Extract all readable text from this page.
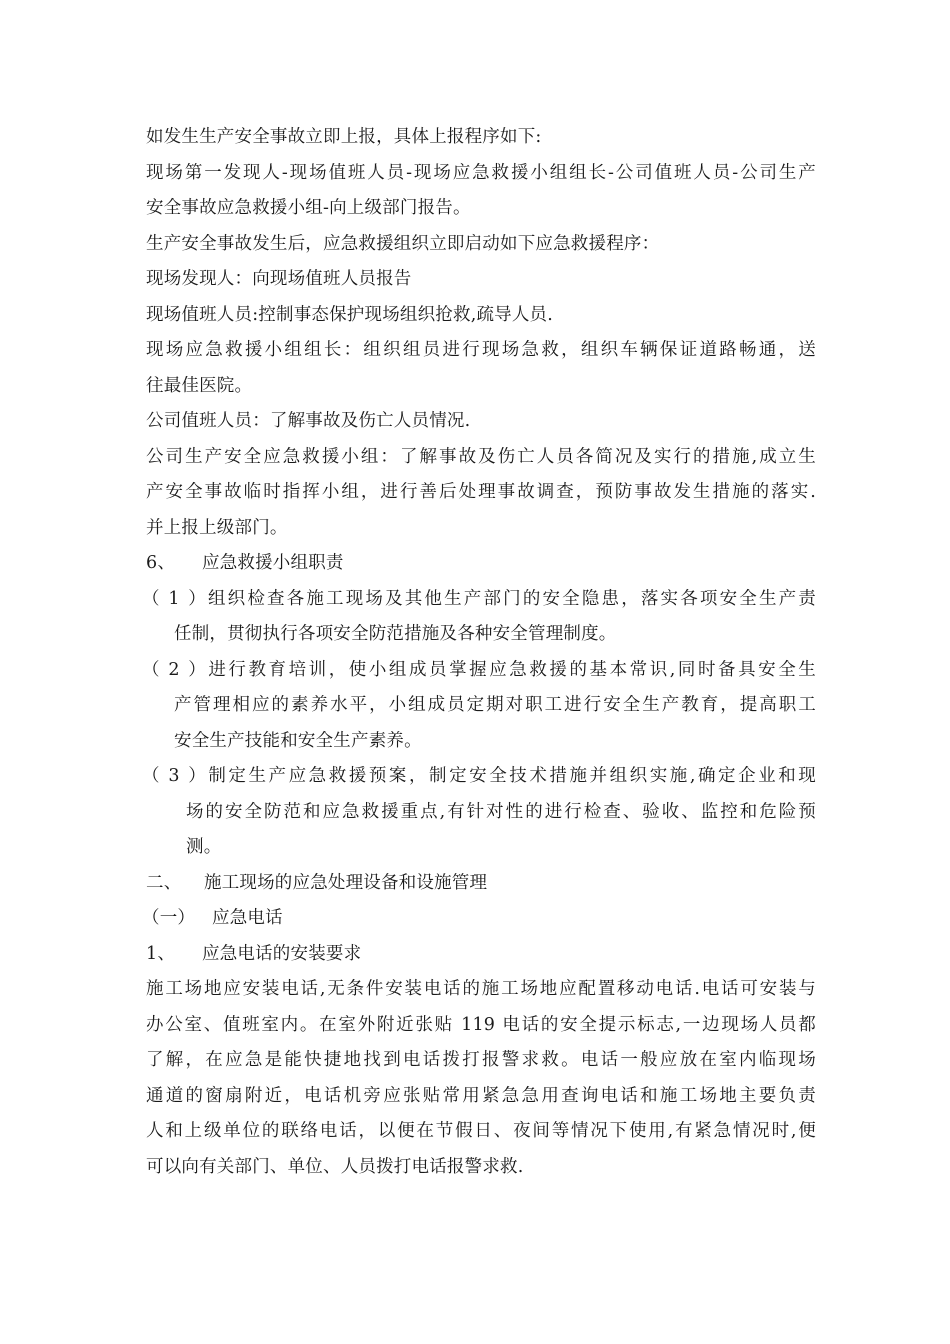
如发生生产安全事故立即上报，具体上报程序如下:
现场第一发现人-现场值班人员-现场应急救援小组组长-公司值班人员-公司生产
安全事故应急救援小组-向上级部门报告。
生产安全事故发生后，应急救援组织立即启动如下应急救援程序：
现场发现人：向现场值班人员报告
现场值班人员:控制事态保护现场组织抢救,疏导人员.
现场应急救援小组组长：组织组员进行现场急救，组织车辆保证道路畅通，送
往最佳医院。
公司值班人员：了解事故及伤亡人员情况.
公司生产安全应急救援小组：了解事故及伤亡人员各简况及实行的措施,成立生
产安全事故临时指挥小组，进行善后处理事故调查，预防事故发生措施的落实.
并上报上级部门。
6、 应急救援小组职责
（1）组织检查各施工现场及其他生产部门的安全隐患，落实各项安全生产责
任制，贯彻执行各项安全防范措施及各种安全管理制度。
（2）进行教育培训，使小组成员掌握应急救援的基本常识,同时备具安全生
产管理相应的素养水平，小组成员定期对职工进行安全生产教育，提高职工
安全生产技能和安全生产素养。
（3）制定生产应急救援预案，制定安全技术措施并组织实施,确定企业和现
场的安全防范和应急救援重点,有针对性的进行检查、验收、监控和危险预
测。
二、 施工现场的应急处理设备和设施管理
（一） 应急电话
1、 应急电话的安装要求
施工场地应安装电话,无条件安装电话的施工场地应配置移动电话.电话可安装与
办公室、值班室内。在室外附近张贴 119 电话的安全提示标志,一边现场人员都
了解，在应急是能快捷地找到电话拨打报警求救。电话一般应放在室内临现场
通道的窗扇附近，电话机旁应张贴常用紧急急用查询电话和施工场地主要负责
人和上级单位的联络电话，以便在节假日、夜间等情况下使用,有紧急情况时,便
可以向有关部门、单位、人员拨打电话报警求救.
